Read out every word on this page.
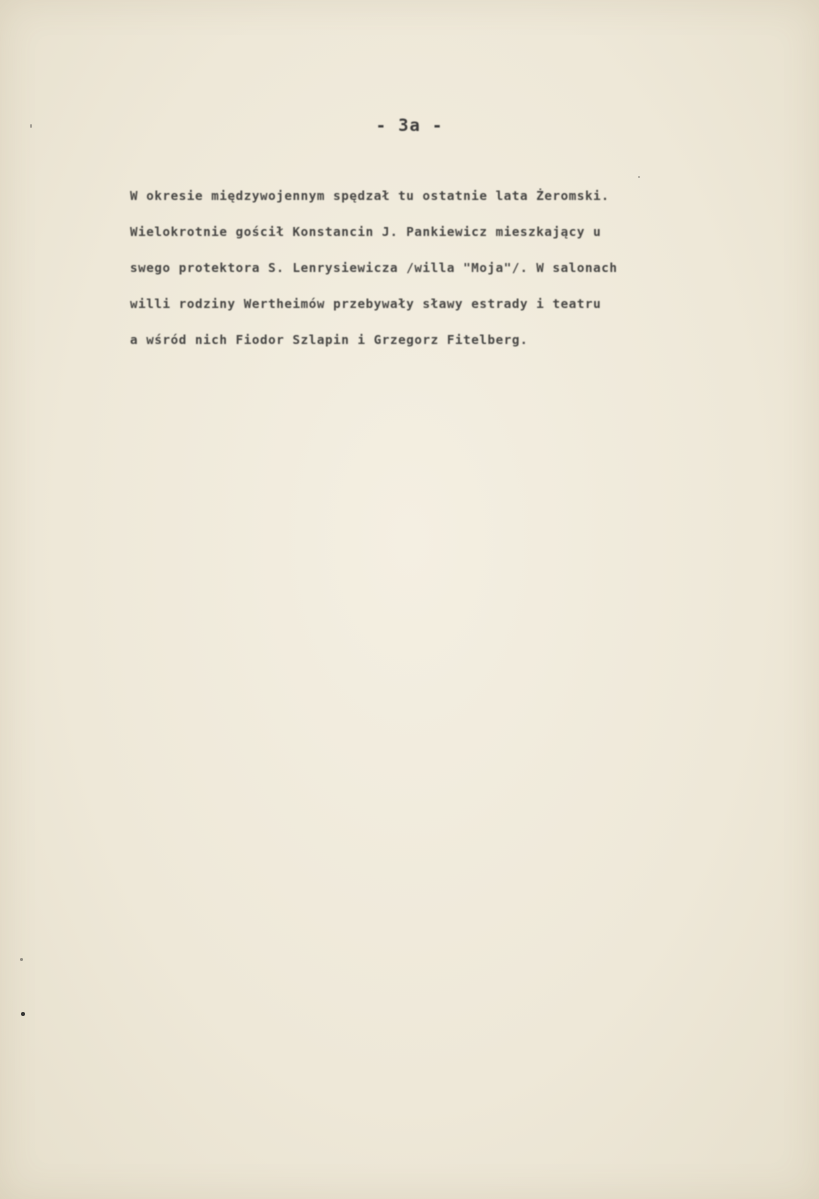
- 3a -
W okresie międzywojennym spędzał tu ostatnie lata Żeromski.
Wielokrotnie gościł Konstancin J. Pankiewicz mieszkający u
swego protektora S. Lenrysiewicza /willa "Moja"/. W salonach
willi rodziny Wertheimów przebywały sławy estrady i teatru
a wśród nich Fiodor Szlapin i Grzegorz Fitelberg.
